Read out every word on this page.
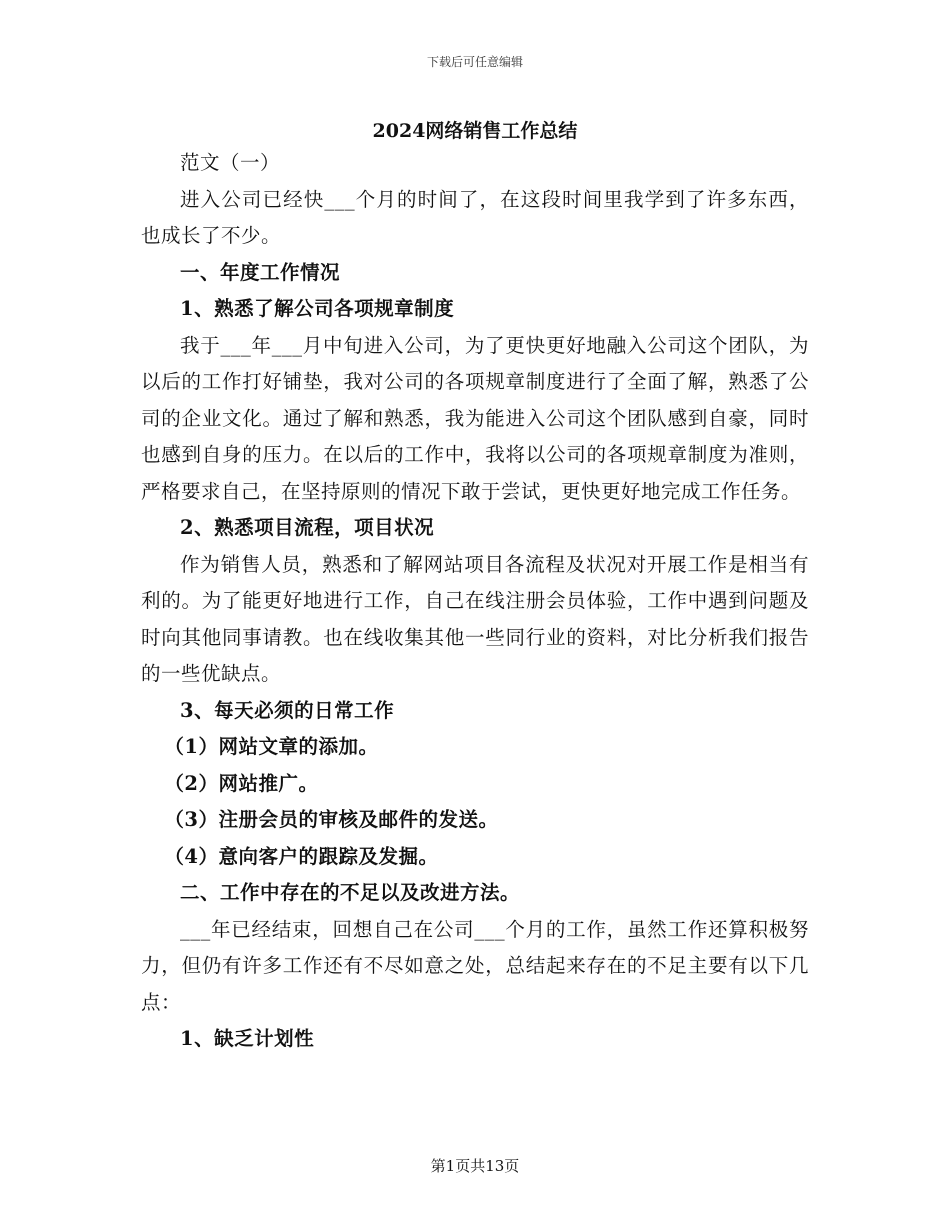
下载后可任意编辑
2024网络销售工作总结

范文（一）

进入公司已经快___个月的时间了，在这段时间里我学到了许多东西，也成长了不少。

一、年度工作情况

1、熟悉了解公司各项规章制度

我于___年___月中旬进入公司，为了更快更好地融入公司这个团队，为以后的工作打好铺垫，我对公司的各项规章制度进行了全面了解，熟悉了公司的企业文化。通过了解和熟悉，我为能进入公司这个团队感到自豪，同时也感到自身的压力。在以后的工作中，我将以公司的各项规章制度为准则，严格要求自己，在坚持原则的情况下敢于尝试，更快更好地完成工作任务。

2、熟悉项目流程，项目状况

作为销售人员，熟悉和了解网站项目各流程及状况对开展工作是相当有利的。为了能更好地进行工作，自己在线注册会员体验，工作中遇到问题及时向其他同事请教。也在线收集其他一些同行业的资料，对比分析我们报告的一些优缺点。

3、每天必须的日常工作

（1）网站文章的添加。

（2）网站推广。

（3）注册会员的审核及邮件的发送。

（4）意向客户的跟踪及发掘。

二、工作中存在的不足以及改进方法。

___年已经结束，回想自己在公司___个月的工作，虽然工作还算积极努力，但仍有许多工作还有不尽如意之处，总结起来存在的不足主要有以下几点：

1、缺乏计划性

第1页共13页
